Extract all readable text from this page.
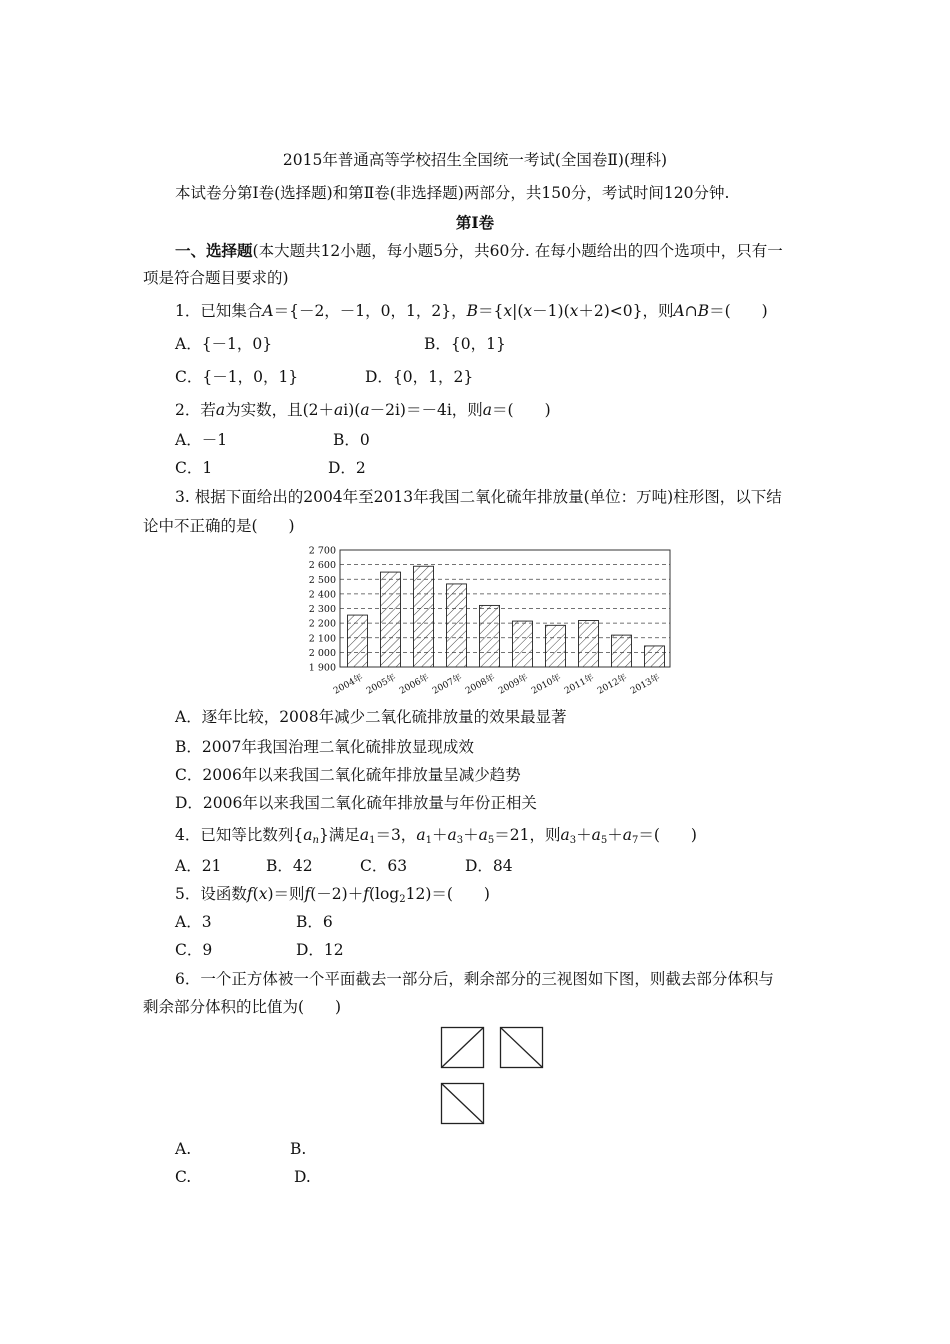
2015年普通高等学校招生全国统一考试(全国卷Ⅱ)(理科)
本试卷分第Ⅰ卷(选择题)和第Ⅱ卷(非选择题)两部分，共150分，考试时间120分钟.
第Ⅰ卷
一、选择题(本大题共12小题，每小题5分，共60分. 在每小题给出的四个选项中，只有一
项是符合题目要求的)
1．已知集合A＝{－2，－1，0，1，2}，B＝{x|(x－1)(x＋2)<0}，则A∩B＝(　　)
A．{－1，0}	B．{0，1}
C．{－1，0，1}	D．{0，1，2}
2．若a为实数，且(2＋ai)(a－2i)＝－4i，则a＝(　　)
A．－1	B．0
C．1	D．2
3. 根据下面给出的2004年至2013年我国二氧化硫年排放量(单位：万吨)柱形图，以下结
论中不正确的是(　　)
1 900
2 000
2 100
2 200
2 300
2 400
2 500
2 600
2 700
2004年 2005年 2006年 2007年 2008年 2009年 2010年 2011年 2012年 2013年
A．逐年比较，2008年减少二氧化硫排放量的效果最显著
B．2007年我国治理二氧化硫排放显现成效
C．2006年以来我国二氧化硫年排放量呈减少趋势
D．2006年以来我国二氧化硫年排放量与年份正相关
4．已知等比数列$\{a_n\}$满足$a_1=3$，$a_1+a_3+a_5=21$，则$a_3+a_5+a_7=$(　　)
A．21	B．42	C．63	D．84
5．设函数f(x)＝则$f(-2)+f(\log_212)=$(　　)
A．3	B．6
C．9	D．12
6．一个正方体被一个平面截去一部分后，剩余部分的三视图如下图，则截去部分体积与
剩余部分体积的比值为(　　)
A.	B.
C.	D.
